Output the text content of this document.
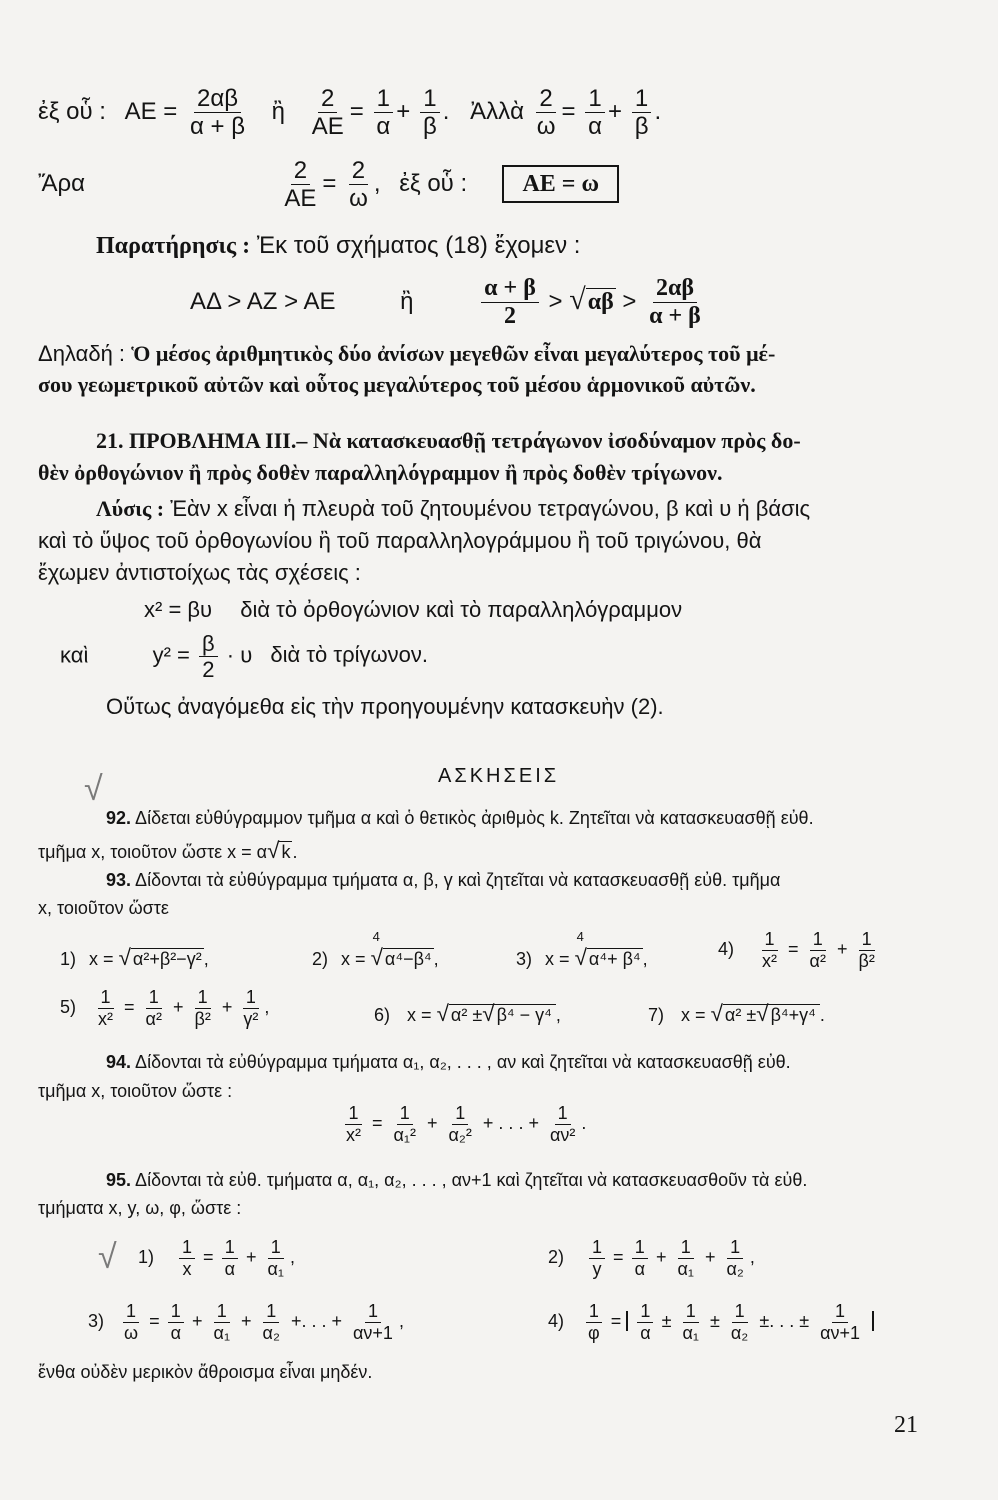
ἐξ οὗ : $AE = \frac{2\alpha\beta}{\alpha + \beta}$ ἢ $\frac{2}{AE} = \frac{1}{\alpha} + \frac{1}{\beta}$ . Ἀλλὰ $\frac{2}{\omega} = \frac{1}{\alpha} + \frac{1}{\beta}$ .
Ἄρα	$\frac{2}{AE} = \frac{2}{\omega}$ , ἐξ οὗ : ΑΕ = ω
Παρατήρησις : Ἐκ τοῦ σχήματος (18) ἔχομεν :
ΑΔ > ΑΖ > ΑΕ	ἢ	$\frac{\alpha + \beta}{2} > √\alpha\beta > \frac{2\alpha\beta}{\alpha + \beta}$
Δηλαδή : Ὁ μέσος ἀριθμητικὸς δύο ἀνίσων μεγεθῶν εἶναι μεγαλύτερος τοῦ μέ-
σου γεωμετρικοῦ αὐτῶν καὶ οὗτος μεγαλύτερος τοῦ μέσου ἁρμονικοῦ αὐτῶν.
21. ΠΡΟΒΛΗΜΑ ΙΙΙ.– Νὰ κατασκευασθῇ τετράγωνον ἰσοδύναμον πρὸς δο-
θὲν ὀρθογώνιον ἢ πρὸς δοθὲν παραλληλόγραμμον ἢ πρὸς δοθὲν τρίγωνον.
Λύσις : Ἐὰν x εἶναι ἡ πλευρὰ τοῦ ζητουμένου τετραγώνου, β καὶ υ ἡ βάσις
καὶ τὸ ὕψος τοῦ ὀρθογωνίου ἢ τοῦ παραλληλογράμμου ἢ τοῦ τριγώνου, θὰ
ἔχωμεν ἀντιστοίχως τὰς σχέσεις :
x² = βυ διὰ τὸ ὀρθογώνιον καὶ τὸ παραλληλόγραμμον
καὶ	$y^2 = \frac{\beta}{2} \cdot \upsilon$ διὰ τὸ τρίγωνον.
Οὕτως ἀναγόμεθα εἰς τὴν προηγουμένην κατασκευὴν (2).
ΑΣΚΗΣΕΙΣ
√
92. Δίδεται εὐθύγραμμον τμῆμα α καὶ ὁ θετικὸς ἀριθμὸς k. Ζητεῖται νὰ κατασκευασθῇ εὐθ.
τμῆμα x, τοιοῦτον ὥστε x = α√ k .
93. Δίδονται τὰ εὐθύγραμμα τμήματα α, β, γ καὶ ζητεῖται νὰ κατασκευασθῇ εὐθ. τμῆμα
x, τοιοῦτον ὥστε
1) x = √ α²+β²−γ² ,	2) x =
4
√ α⁴−β⁴ ,	3) x =
4
√ α⁴+ β⁴ ,	$4) \frac{1}{\text{x²}} = \frac{1}{\text{α²}} + \frac{1}{\text{β²}}$
$5) \frac{1}{\text{x²}} = \frac{1}{\text{α²}} + \frac{1}{\text{β²}} + \frac{1}{\text{γ²}}$ ,	6) x = √ α² ±√ β⁴ − γ⁴ ,	7) x = √ α² ±√ β⁴+γ⁴ .
94. Δίδονται τὰ εὐθύγραμμα τμήματα α₁, α₂, . . . , αν καὶ ζητεῖται νὰ κατασκευασθῇ εὐθ.
τμῆμα x, τοιοῦτον ὥστε :
$\frac{1}{\text{x²}} = \frac{1}{\text{α₁²}} + \frac{1}{\text{α₂²}}$ + . . . + $\frac{1}{\text{αν²}}$ .
95. Δίδονται τὰ εὐθ. τμήματα α, α₁, α₂, . . . , αν+1 καὶ ζητεῖται νὰ κατασκευασθοῦν τὰ εὐθ.
τμήματα x, y, ω, φ, ὥστε :
√ $1) \frac{1}{x} = \frac{1}{\alpha} + \frac{1}{\text{α₁}}$ ,	$2) \frac{1}{y} = \frac{1}{\alpha} + \frac{1}{\text{α₁}} + \frac{1}{\text{α₂}}$ ,
$3) \frac{1}{\omega} = \frac{1}{\alpha} + \frac{1}{\text{α₁}} + \frac{1}{\text{α₂}}$ +. . . + $\frac{1}{\alpha\nu+1}$ ,	$4) \frac{1}{\varphi} = \frac{1}{\alpha} \pm \frac{1}{\text{α₁}} \pm \frac{1}{\text{α₂}}$ ±. . . ± $\frac{1}{\alpha\nu+1}$
ἔνθα οὐδὲν μερικὸν ἄθροισμα εἶναι μηδέν.
21
